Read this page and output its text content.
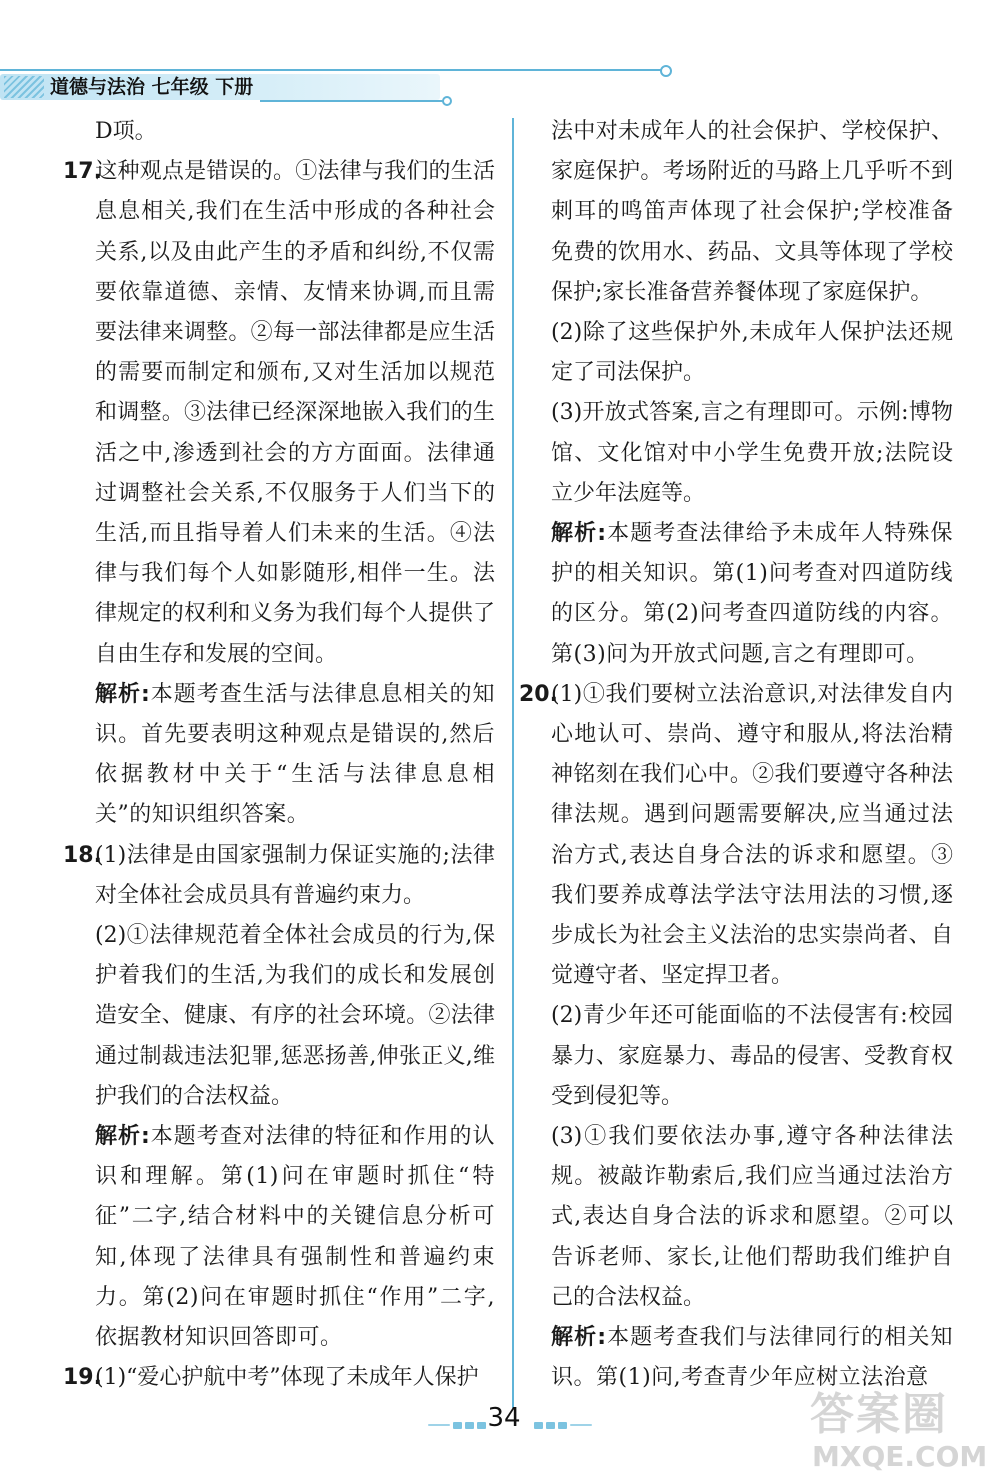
道德与法治 七年级 下册

D项。

17.这种观点是错误的。①法律与我们的生活息息相关,我们在生活中形成的各种社会关系,以及由此产生的矛盾和纠纷,不仅需要依靠道德、亲情、友情来协调,而且需要法律来调整。②每一部法律都是应生活的需要而制定和颁布,又对生活加以规范和调整。③法律已经深深地嵌入我们的生活之中,渗透到社会的方方面面。法律通过调整社会关系,不仅服务于人们当下的生活,而且指导着人们未来的生活。④法律与我们每个人如影随形,相伴一生。法律规定的权利和义务为我们每个人提供了自由生存和发展的空间。

解析:本题考查生活与法律息息相关的知识。首先要表明这种观点是错误的,然后依据教材中关于“生活与法律息息相关”的知识组织答案。

18.(1)法律是由国家强制力保证实施的;法律对全体社会成员具有普遍约束力。

(2)①法律规范着全体社会成员的行为,保护着我们的生活,为我们的成长和发展创造安全、健康、有序的社会环境。②法律通过制裁违法犯罪,惩恶扬善,伸张正义,维护我们的合法权益。

解析:本题考查对法律的特征和作用的认识和理解。第(1)问在审题时抓住“特征”二字,结合材料中的关键信息分析可知,体现了法律具有强制性和普遍约束力。第(2)问在审题时抓住“作用”二字,依据教材知识回答即可。

19.(1)“爱心护航中考”体现了未成年人保护

法中对未成年人的社会保护、学校保护、家庭保护。考场附近的马路上几乎听不到刺耳的鸣笛声体现了社会保护;学校准备免费的饮用水、药品、文具等体现了学校保护;家长准备营养餐体现了家庭保护。

(2)除了这些保护外,未成年人保护法还规定了司法保护。

(3)开放式答案,言之有理即可。示例:博物馆、文化馆对中小学生免费开放;法院设立少年法庭等。

解析:本题考查法律给予未成年人特殊保护的相关知识。第(1)问考查对四道防线的区分。第(2)问考查四道防线的内容。第(3)问为开放式问题,言之有理即可。

20.(1)①我们要树立法治意识,对法律发自内心地认可、崇尚、遵守和服从,将法治精神铭刻在我们心中。②我们要遵守各种法律法规。遇到问题需要解决,应当通过法治方式,表达自身合法的诉求和愿望。③我们要养成尊法学法守法用法的习惯,逐步成长为社会主义法治的忠实崇尚者、自觉遵守者、坚定捍卫者。

(2)青少年还可能面临的不法侵害有:校园暴力、家庭暴力、毒品的侵害、受教育权受到侵犯等。

(3)①我们要依法办事,遵守各种法律法规。被敲诈勒索后,我们应当通过法治方式,表达自身合法的诉求和愿望。②可以告诉老师、家长,让他们帮助我们维护自己的合法权益。

解析:本题考查我们与法律同行的相关知识。第(1)问,考查青少年应树立法治意

34	答案圈
MXQE.COM
